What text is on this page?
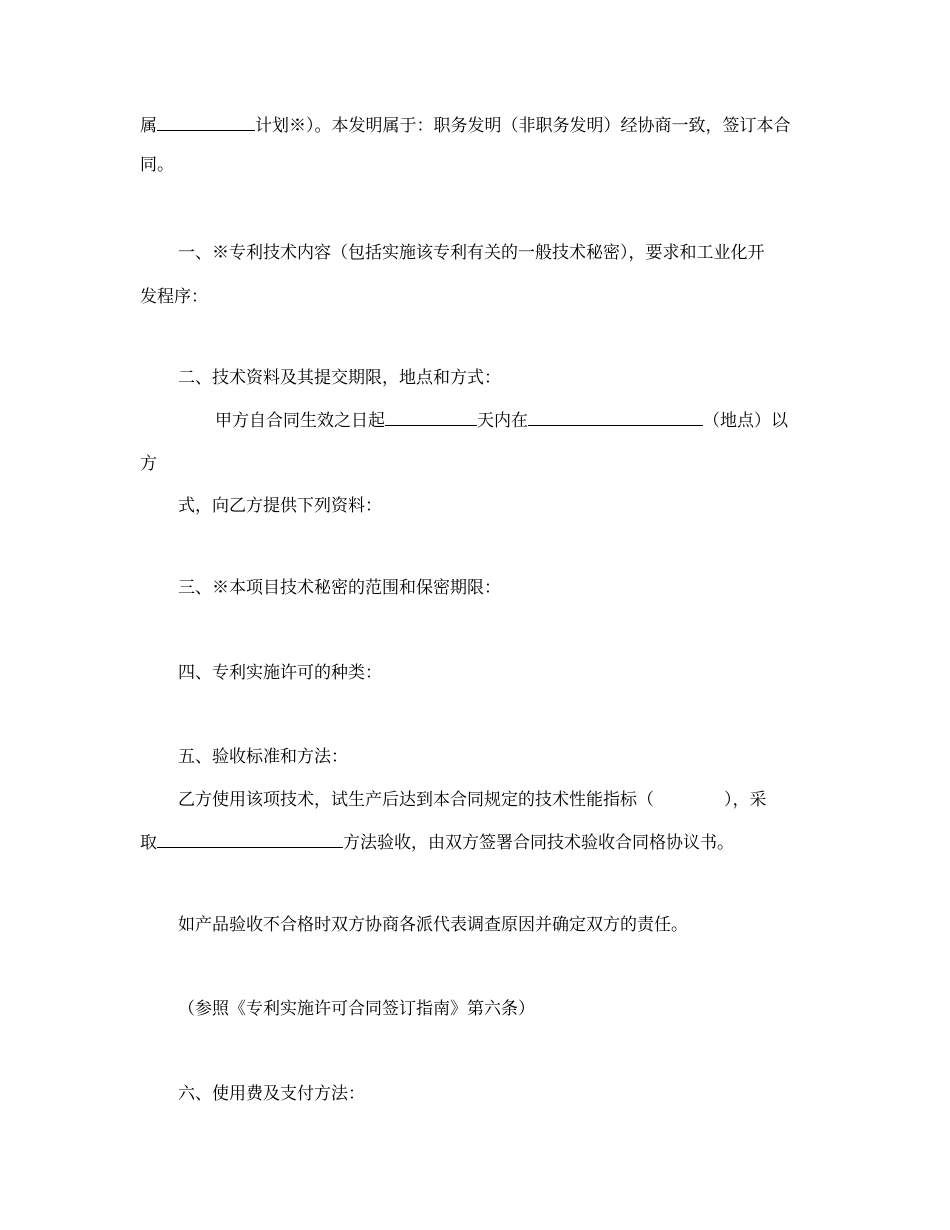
属	计划※）。本发明属于：职务发明（非职务发明）经协商一致，签订本合
同。
一、※专利技术内容（包括实施该专利有关的一般技术秘密），要求和工业化开
发程序：
二、技术资料及其提交期限，地点和方式：
甲方自合同生效之日起	天内在	（地点）以
方
式，向乙方提供下列资料：
三、※本项目技术秘密的范围和保密期限：
四、专利实施许可的种类：
五、验收标准和方法：
乙方使用该项技术，试生产后达到本合同规定的技术性能指标（	），采
取	方法验收，由双方签署合同技术验收合同格协议书。
如产品验收不合格时双方协商各派代表调查原因并确定双方的责任。
（参照《专利实施许可合同签订指南》第六条）
六、使用费及支付方法：
